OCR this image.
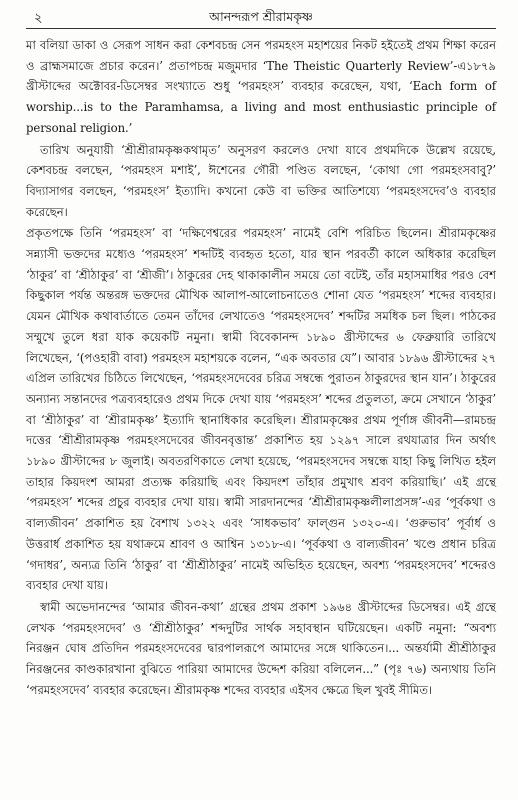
২	আনন্দরূপ শ্রীরামকৃষ্ণ

মা বলিয়া ডাকা ও সেরূপ সাধন করা কেশবচন্দ্র সেন পরমহংস মহাশয়ের নিকট হইতেই প্রথম শিক্ষা করেন ও ব্রাহ্মসমাজে প্রচার করেন।’ প্রতাপচন্দ্র মজুমদার ‘The Theistic Quarterly Review’-এ১৮৭৯ খ্রীস্টাব্দের অক্টোবর-ডিসেম্বর সংখ্যাতে শুধু ‘পরমহংস’ ব্যবহার করেছেন, যথা, ‘Each form of worship...is to the Paramhamsa, a living and most enthusiastic principle of personal religion.’

তারিখ অনুযায়ী ‘শ্রীশ্রীরামকৃষ্ণকথামৃত’ অনুসরণ করলেও দেখা যাবে প্রথমদিকে উল্লেখ রয়েছে, কেশবচন্দ্র বলছেন, ‘পরমহংস মশাই’, ঈশেনের গৌরী পণ্ডিত বলছেন, ‘কোথা গো পরমহংসবাবু?’ বিদ্যাসাগর বলছেন, ‘পরমহংস’ ইত্যাদি। কখনো কেউ বা ভক্তির আতিশয্যে ‘পরমহংসদেব’ও ব্যবহার করেছেন।

প্রকৃতপক্ষে তিনি ‘পরমহংস’ বা ‘দক্ষিণেশ্বরের পরমহংস’ নামেই বেশি পরিচিত ছিলেন। শ্রীরামকৃষ্ণের সন্ন্যাসী ভক্তদের মধ্যেও ‘পরমহংস’ শব্দটিই ব্যবহৃত হতো, যার স্থান পরবর্তী কালে অধিকার করেছিল ‘ঠাকুর’ বা ‘শ্রীঠাকুর’ বা ‘শ্রীজী’। ঠাকুরের দেহ থাকাকালীন সময়ে তো বটেই, তাঁর মহাসমাধির পরও বেশ কিছুকাল পর্যন্ত অন্তরঙ্গ ভক্তদের মৌখিক আলাপ-আলোচনাতেও শোনা যেত ‘পরমহংস’ শব্দের ব্যবহার। যেমন মৌখিক কথাবার্তাতে তেমন তাঁদের লেখাতেও ‘পরমহংসদেব’ শব্দটির সমধিক চল ছিল। পাঠকের সম্মুখে তুলে ধরা যাক কয়েকটি নমুনা। স্বামী বিবেকানন্দ ১৮৯০ খ্রীস্টাব্দের ৬ ফেব্রুয়ারি তারিখে লিখেছেন, ‘(পওহারী বাবা) পরমহংস মহাশয়কে বলেন, “এক অবতার যে”। আবার ১৮৯৬ খ্রীস্টাব্দের ২৭ এপ্রিল তারিখের চিঠিতে লিখেছেন, ‘পরমহংসদেবের চরিত্র সম্বন্ধে পুরাতন ঠাকুরদের স্থান যান’। ঠাকুরের অন্যান্য সন্তানদের পত্রব্যবহারেও প্রথম দিকে দেখা যায় ‘পরমহংস’ শব্দের প্রতুলতা, ক্রমে সেখানে ‘ঠাকুর’ বা ‘শ্রীঠাকুর’ বা ‘শ্রীরামকৃষ্ণ’ ইত্যাদি স্থানাধিকার করেছিল। শ্রীরামকৃষ্ণের প্রথম পূর্ণাঙ্গ জীবনী—রামচন্দ্র দত্তের ‘শ্রীশ্রীরামকৃষ্ণ পরমহংসদেবের জীবনবৃত্তান্ত’ প্রকাশিত হয় ১২৯৭ সালে রথযাত্রার দিন অর্থাৎ ১৮৯০ খ্রীস্টাব্দের ৮ জুলাই। অবতরণিকাতে লেখা হয়েছে, ‘পরমহংসদেব সম্বন্ধে যাহা কিছু লিখিত হইল তাহার কিয়দংশ আমরা প্রত্যক্ষ করিয়াছি এবং কিয়দংশ তাঁহার প্রমুখাৎ শ্রবণ করিয়াছি।’ এই গ্রন্থে ‘পরমহংস’ শব্দের প্রচুর ব্যবহার দেখা যায়। স্বামী সারদানন্দের ‘শ্রীশ্রীরামকৃষ্ণলীলাপ্রসঙ্গ’-এর ‘পূর্বকথা ও বাল্যজীবন’ প্রকাশিত হয় বৈশাখ ১৩২২ এবং ‘সাধকভাব’ ফাল্গুন ১৩২০-এ। ‘গুরুভাব’ পূর্বার্ধ ও উত্তরার্ধ প্রকাশিত হয় যথাক্রমে শ্রাবণ ও আশ্বিন ১৩১৮-এ। ‘পূর্বকথা ও বাল্যজীবন’ খণ্ডে প্রধান চরিত্র ‘গদাধর’, অন্যত্র তিনি ‘ঠাকুর’ বা ‘শ্রীশ্রীঠাকুর’ নামেই অভিহিত হয়েছেন, অবশ্য ‘পরমহংসদেব’ শব্দেরও ব্যবহার দেখা যায়।

স্বামী অভেদানন্দের ‘আমার জীবন-কথা’ গ্রন্থের প্রথম প্রকাশ ১৯৬৪ খ্রীস্টাব্দের ডিসেম্বর। এই গ্রন্থে লেখক ‘পরমহংসদেব’ ও ‘শ্রীশ্রীঠাকুর’ শব্দদুটির সার্থক সহাবস্থান ঘটিয়েছেন। একটি নমুনা: “অবশ্য নিরঞ্জন ঘোষ প্রতিদিন পরমহংসদেবের দ্বারপালরূপে আমাদের সঙ্গে থাকিতেন।... অন্তর্যামী শ্রীশ্রীঠাকুর নিরঞ্জনের কাণ্ডকারখানা বুঝিতে পারিয়া আমাদের উদ্দেশ করিয়া বলিলেন...” (পৃঃ ৭৬) অন্যথায় তিনি ‘পরমহংসদেব’ ব্যবহার করেছেন। শ্রীরামকৃষ্ণ শব্দের ব্যবহার এইসব ক্ষেত্রে ছিল খুবই সীমিত।
